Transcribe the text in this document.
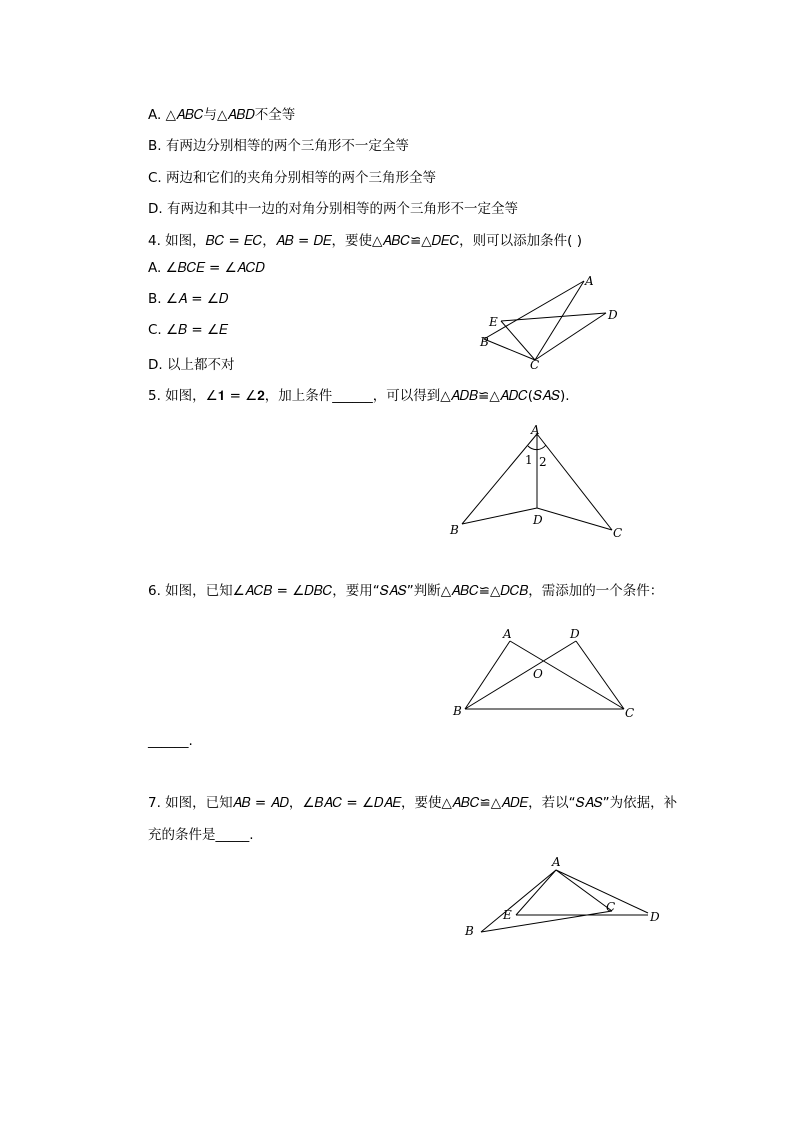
A. △𝐴𝐵𝐶与△𝐴𝐵𝐷不全等
B. 有两边分别相等的两个三角形不一定全等
C. 两边和它们的夹角分别相等的两个三角形全等
D. 有两边和其中一边的对角分别相等的两个三角形不一定全等
4. 如图，𝐵𝐶 = 𝐸𝐶，𝐴𝐵 = 𝐷𝐸，要使△𝐴𝐵𝐶≌△𝐷𝐸𝐶，则可以添加条件( )
A. ∠𝐵𝐶𝐸 = ∠𝐴𝐶𝐷
B. ∠𝐴 = ∠𝐷
C. ∠𝐵 = ∠𝐸
D. 以上都不对
A
D
E
B
C
5. 如图，∠𝟏 = ∠𝟐，加上条件______，可以得到△𝐴𝐷𝐵≌△𝐴𝐷𝐶(𝑆𝐴𝑆).
A
1 2
D
B	C
6. 如图，已知∠𝐴𝐶𝐵 = ∠𝐷𝐵𝐶，要用“𝑆𝐴𝑆”判断△𝐴𝐵𝐶≌△𝐷𝐶𝐵，需添加的一个条件：
A	D
O
B	C
______.
7. 如图，已知𝐴𝐵 = 𝐴𝐷，∠𝐵𝐴𝐶 = ∠𝐷𝐴𝐸，要使△𝐴𝐵𝐶≌△𝐴𝐷𝐸，若以“𝑆𝐴𝑆”为依据，补
充的条件是_____.
A
E
C
D
B
